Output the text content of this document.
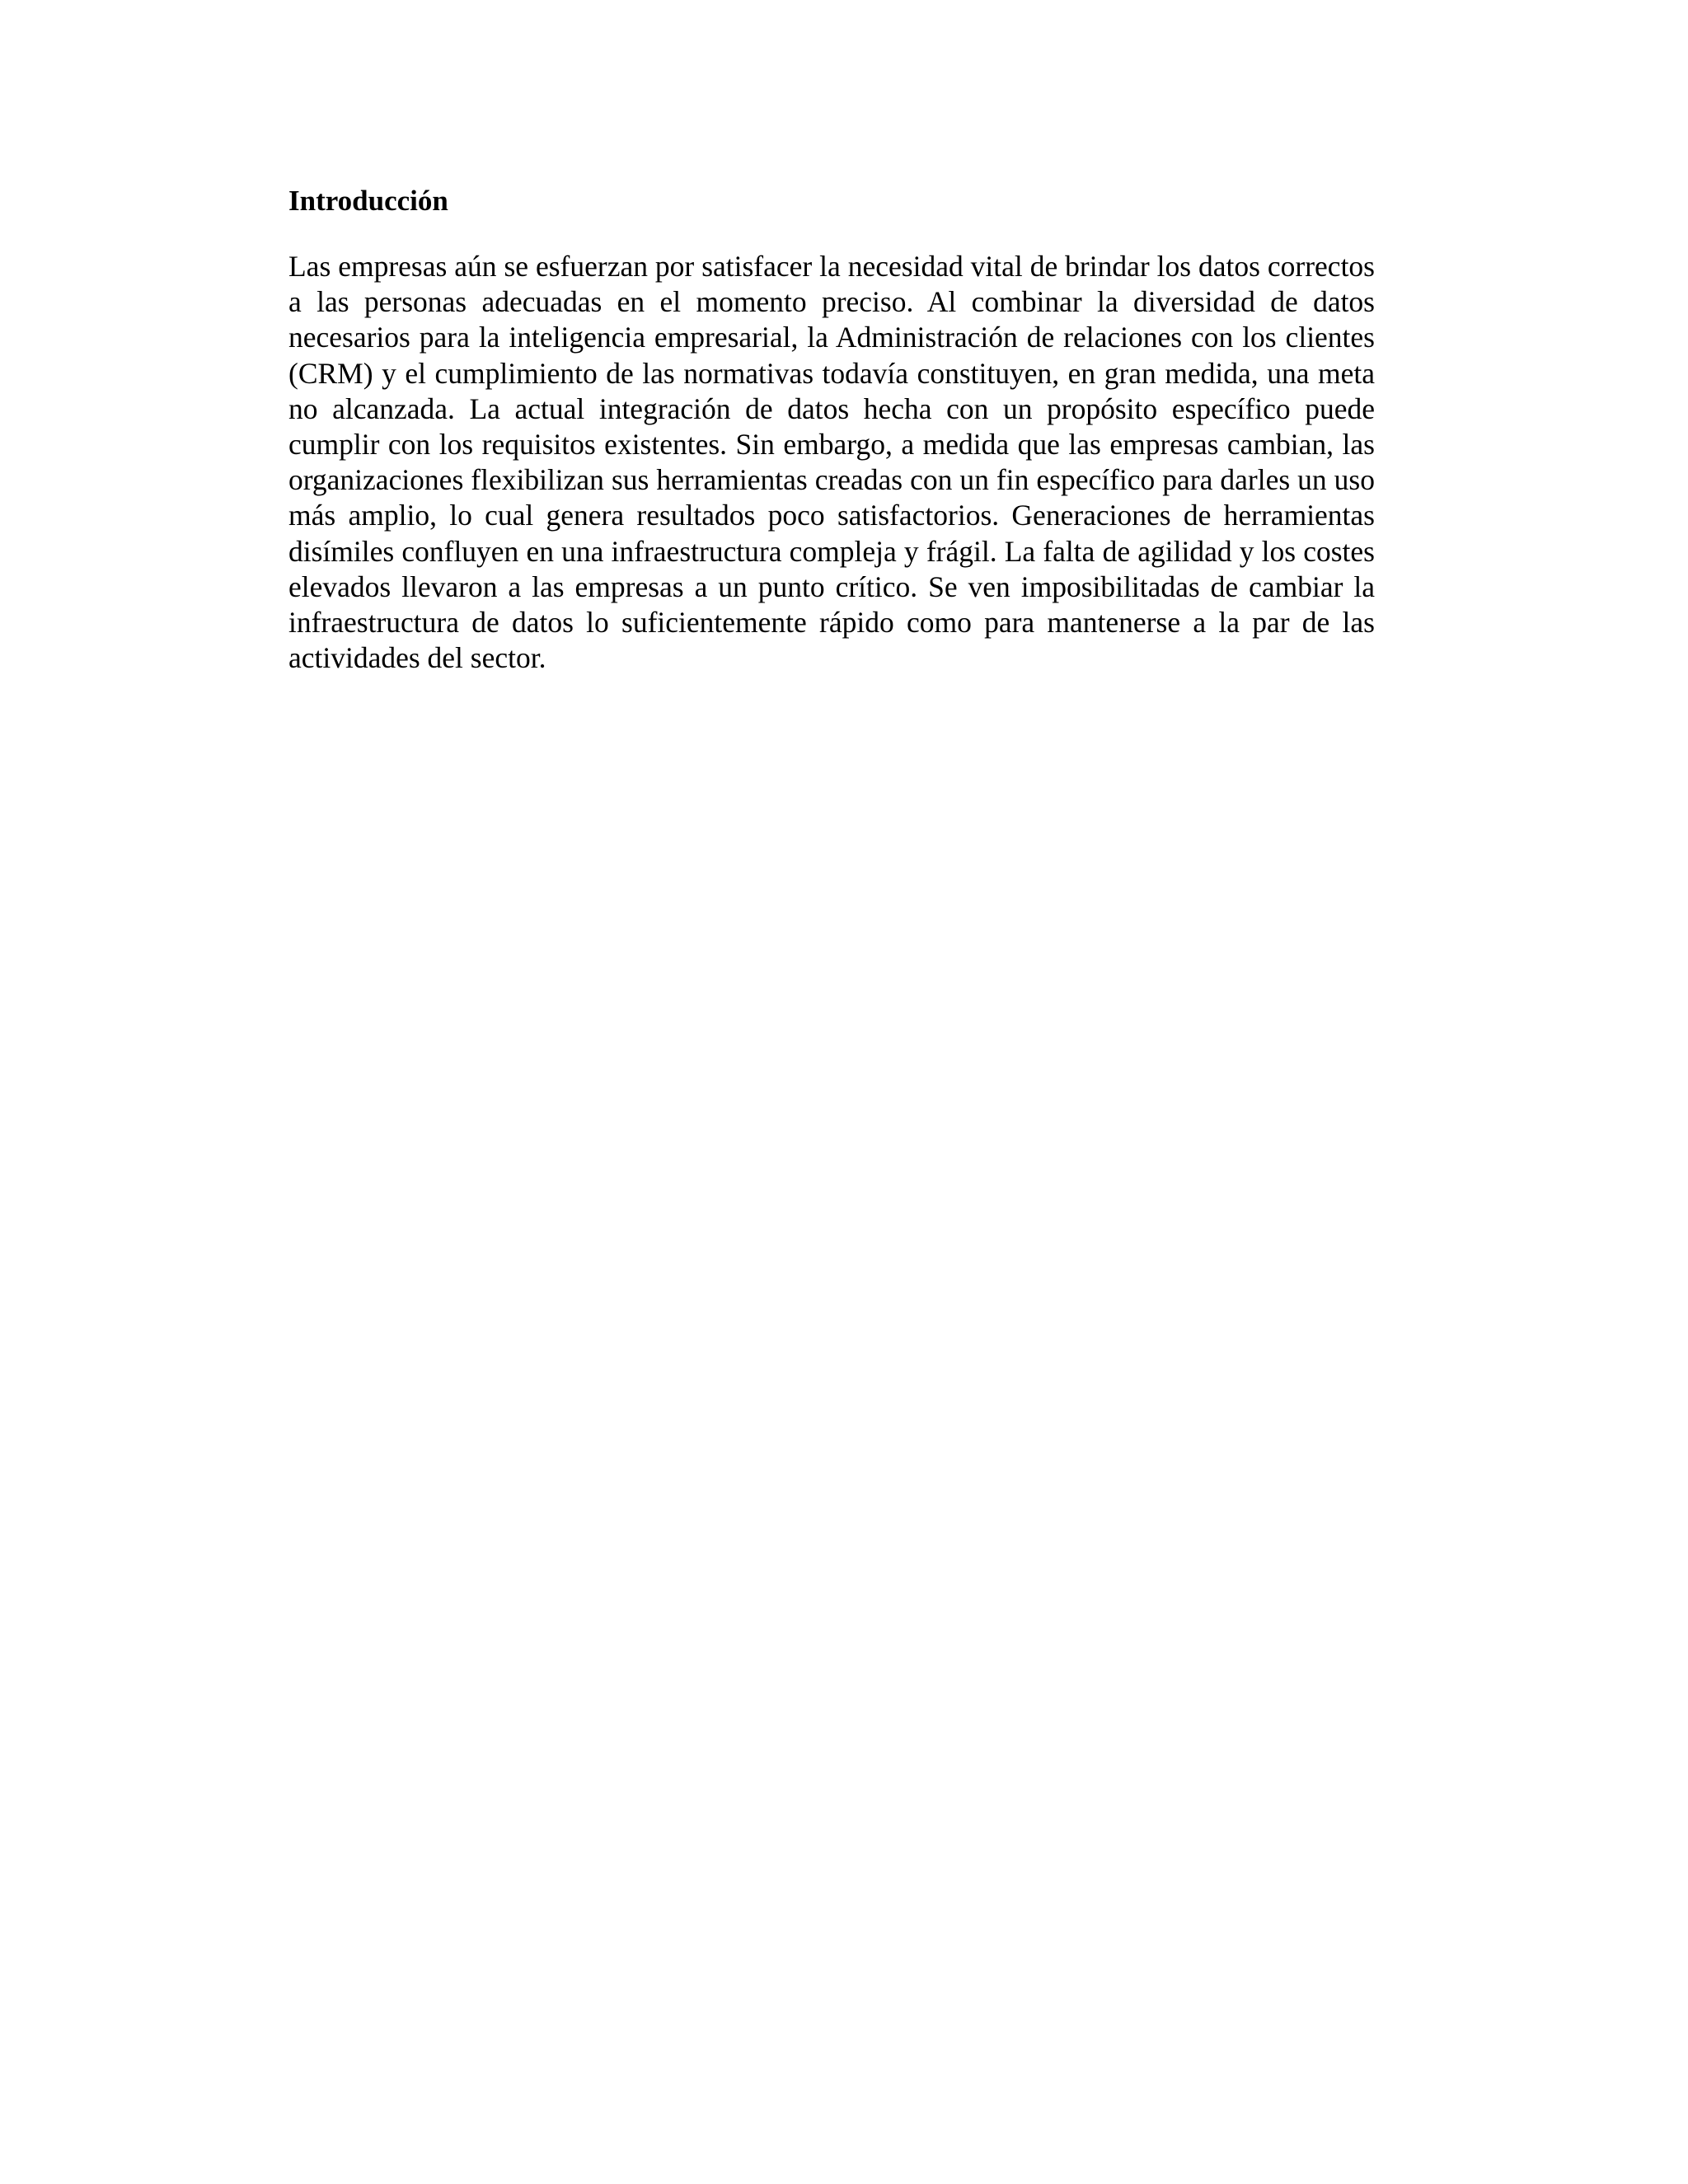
Introducción

Las empresas aún se esfuerzan por satisfacer la necesidad vital de brindar los datos correctos a las personas adecuadas en el momento preciso. Al combinar la diversidad de datos necesarios para la inteligencia empresarial, la Administración de relaciones con los clientes (CRM) y el cumplimiento de las normativas todavía constituyen, en gran medida, una meta no alcanzada. La actual integración de datos hecha con un propósito específico puede cumplir con los requisitos existentes. Sin embargo, a medida que las empresas cambian, las organizaciones flexibilizan sus herramientas creadas con un fin específico para darles un uso más amplio, lo cual genera resultados poco satisfactorios. Generaciones de herramientas disímiles confluyen en una infraestructura compleja y frágil. La falta de agilidad y los costes elevados llevaron a las empresas a un punto crítico. Se ven imposibilitadas de cambiar la infraestructura de datos lo suficientemente rápido como para mantenerse a la par de las actividades del sector.
